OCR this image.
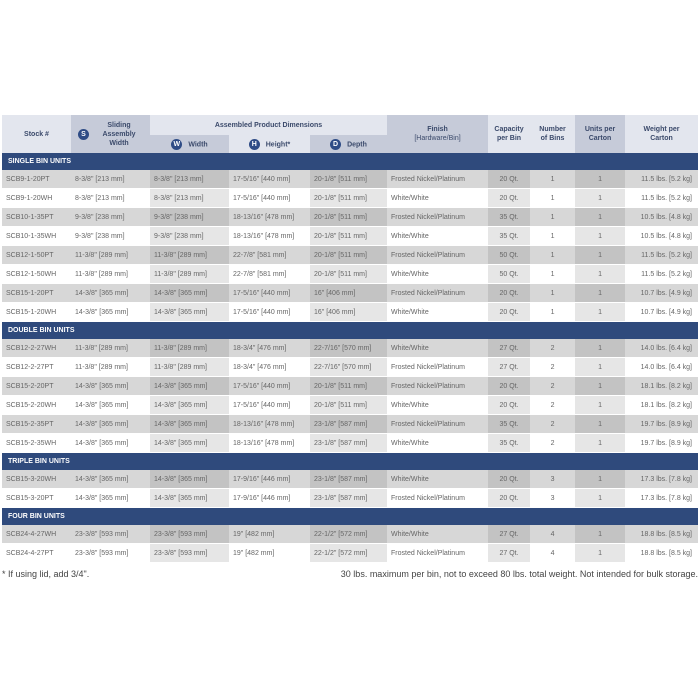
Stock #	SSliding Assembly Width	Assembled Product Dimensions			Finish
[Hardware/Bin]	Capacity per Bin	Number of Bins	Units per Carton	Weight per Carton
		W Width	H Height*	D Depth					
SINGLE BIN UNITS									
SCB9-1-20PT	8-3/8" [213 mm]	8-3/8" [213 mm]	17-5/16" [440 mm]	20-1/8" [511 mm]	Frosted Nickel/Platinum	20 Qt.	1	1	11.5 lbs. [5.2 kg]
SCB9-1-20WH	8-3/8" [213 mm]	8-3/8" [213 mm]	17-5/16" [440 mm]	20-1/8" [511 mm]	White/White	20 Qt.	1	1	11.5 lbs. [5.2 kg]
SCB10-1-35PT	9-3/8" [238 mm]	9-3/8" [238 mm]	18-13/16" [478 mm]	20-1/8" [511 mm]	Frosted Nickel/Platinum	35 Qt.	1	1	10.5 lbs. [4.8 kg]
SCB10-1-35WH	9-3/8" [238 mm]	9-3/8" [238 mm]	18-13/16" [478 mm]	20-1/8" [511 mm]	White/White	35 Qt.	1	1	10.5 lbs. [4.8 kg]
SCB12-1-50PT	11-3/8" [289 mm]	11-3/8" [289 mm]	22-7/8" [581 mm]	20-1/8" [511 mm]	Frosted Nickel/Platinum	50 Qt.	1	1	11.5 lbs. [5.2 kg]
SCB12-1-50WH	11-3/8" [289 mm]	11-3/8" [289 mm]	22-7/8" [581 mm]	20-1/8" [511 mm]	White/White	50 Qt.	1	1	11.5 lbs. [5.2 kg]
SCB15-1-20PT	14-3/8" [365 mm]	14-3/8" [365 mm]	17-5/16" [440 mm]	16" [406 mm]	Frosted Nickel/Platinum	20 Qt.	1	1	10.7 lbs. [4.9 kg]
SCB15-1-20WH	14-3/8" [365 mm]	14-3/8" [365 mm]	17-5/16" [440 mm]	16" [406 mm]	White/White	20 Qt.	1	1	10.7 lbs. [4.9 kg]
DOUBLE BIN UNITS									
SCB12-2-27WH	11-3/8" [289 mm]	11-3/8" [289 mm]	18-3/4" [476 mm]	22-7/16" [570 mm]	White/White	27 Qt.	2	1	14.0 lbs. [6.4 kg]
SCB12-2-27PT	11-3/8" [289 mm]	11-3/8" [289 mm]	18-3/4" [476 mm]	22-7/16" [570 mm]	Frosted Nickel/Platinum	27 Qt.	2	1	14.0 lbs. [6.4 kg]
SCB15-2-20PT	14-3/8" [365 mm]	14-3/8" [365 mm]	17-5/16" [440 mm]	20-1/8" [511 mm]	Frosted Nickel/Platinum	20 Qt.	2	1	18.1 lbs. [8.2 kg]
SCB15-2-20WH	14-3/8" [365 mm]	14-3/8" [365 mm]	17-5/16" [440 mm]	20-1/8" [511 mm]	White/White	20 Qt.	2	1	18.1 lbs. [8.2 kg]
SCB15-2-35PT	14-3/8" [365 mm]	14-3/8" [365 mm]	18-13/16" [478 mm]	23-1/8" [587 mm]	Frosted Nickel/Platinum	35 Qt.	2	1	19.7 lbs. [8.9 kg]
SCB15-2-35WH	14-3/8" [365 mm]	14-3/8" [365 mm]	18-13/16" [478 mm]	23-1/8" [587 mm]	White/White	35 Qt.	2	1	19.7 lbs. [8.9 kg]
TRIPLE BIN UNITS									
SCB15-3-20WH	14-3/8" [365 mm]	14-3/8" [365 mm]	17-9/16" [446 mm]	23-1/8" [587 mm]	White/White	20 Qt.	3	1	17.3 lbs. [7.8 kg]
SCB15-3-20PT	14-3/8" [365 mm]	14-3/8" [365 mm]	17-9/16" [446 mm]	23-1/8" [587 mm]	Frosted Nickel/Platinum	20 Qt.	3	1	17.3 lbs. [7.8 kg]
FOUR BIN UNITS									
SCB24-4-27WH	23-3/8" [593 mm]	23-3/8" [593 mm]	19" [482 mm]	22-1/2" [572 mm]	White/White	27 Qt.	4	1	18.8 lbs. [8.5 kg]
SCB24-4-27PT	23-3/8" [593 mm]	23-3/8" [593 mm]	19" [482 mm]	22-1/2" [572 mm]	Frosted Nickel/Platinum	27 Qt.	4	1	18.8 lbs. [8.5 kg]
* If using lid, add 3/4".	30 lbs. maximum per bin, not to exceed 80 lbs. total weight. Not intended for bulk storage.
